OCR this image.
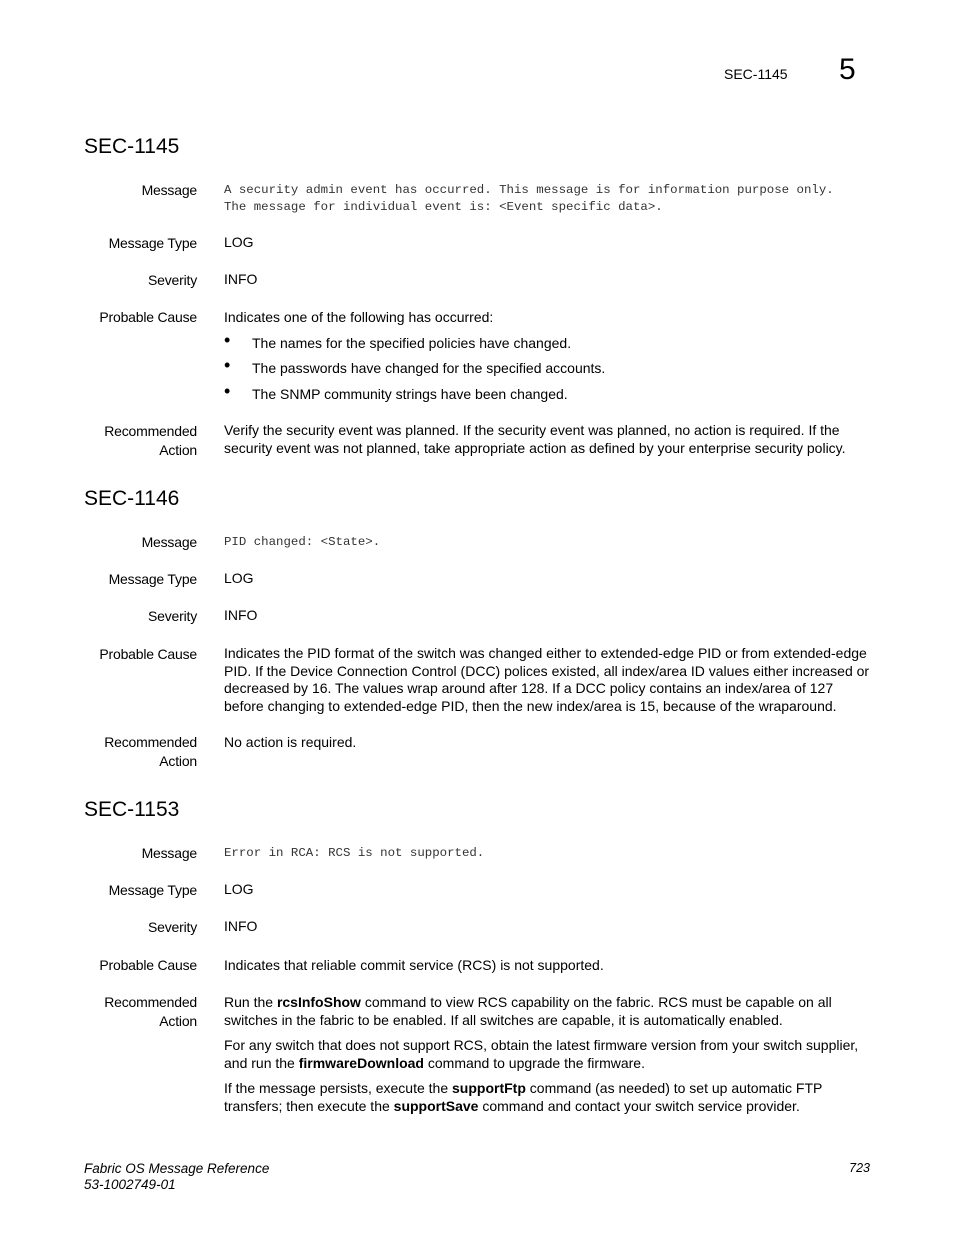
SEC-1145 5
SEC-1145
Message A security admin event has occurred. This message is for information purpose only.
The message for individual event is: <Event specific data>.
Message Type LOG
Severity INFO
Probable Cause Indicates one of the following has occurred:
• The names for the specified policies have changed.
• The passwords have changed for the specified accounts.
• The SNMP community strings have been changed.
Recommended
Action
Verify the security event was planned. If the security event was planned, no action is required. If the security event was not planned, take appropriate action as defined by your enterprise security policy.
SEC-1146
Message PID changed: <State>.
Message Type LOG
Severity INFO
Probable Cause Indicates the PID format of the switch was changed either to extended-edge PID or from extended-edge PID. If the Device Connection Control (DCC) polices existed, all index/area ID values either increased or decreased by 16. The values wrap around after 128. If a DCC policy contains an index/area of 127 before changing to extended-edge PID, then the new index/area is 15, because of the wraparound.
Recommended
Action
No action is required.
SEC-1153
Message Error in RCA: RCS is not supported.
Message Type LOG
Severity INFO
Probable Cause Indicates that reliable commit service (RCS) is not supported.
Recommended
Action
Run the rcsInfoShow command to view RCS capability on the fabric. RCS must be capable on all switches in the fabric to be enabled. If all switches are capable, it is automatically enabled.
For any switch that does not support RCS, obtain the latest firmware version from your switch supplier, and run the firmwareDownload command to upgrade the firmware.
If the message persists, execute the supportFtp command (as needed) to set up automatic FTP transfers; then execute the supportSave command and contact your switch service provider.
Fabric OS Message Reference
53-1002749-01
723
